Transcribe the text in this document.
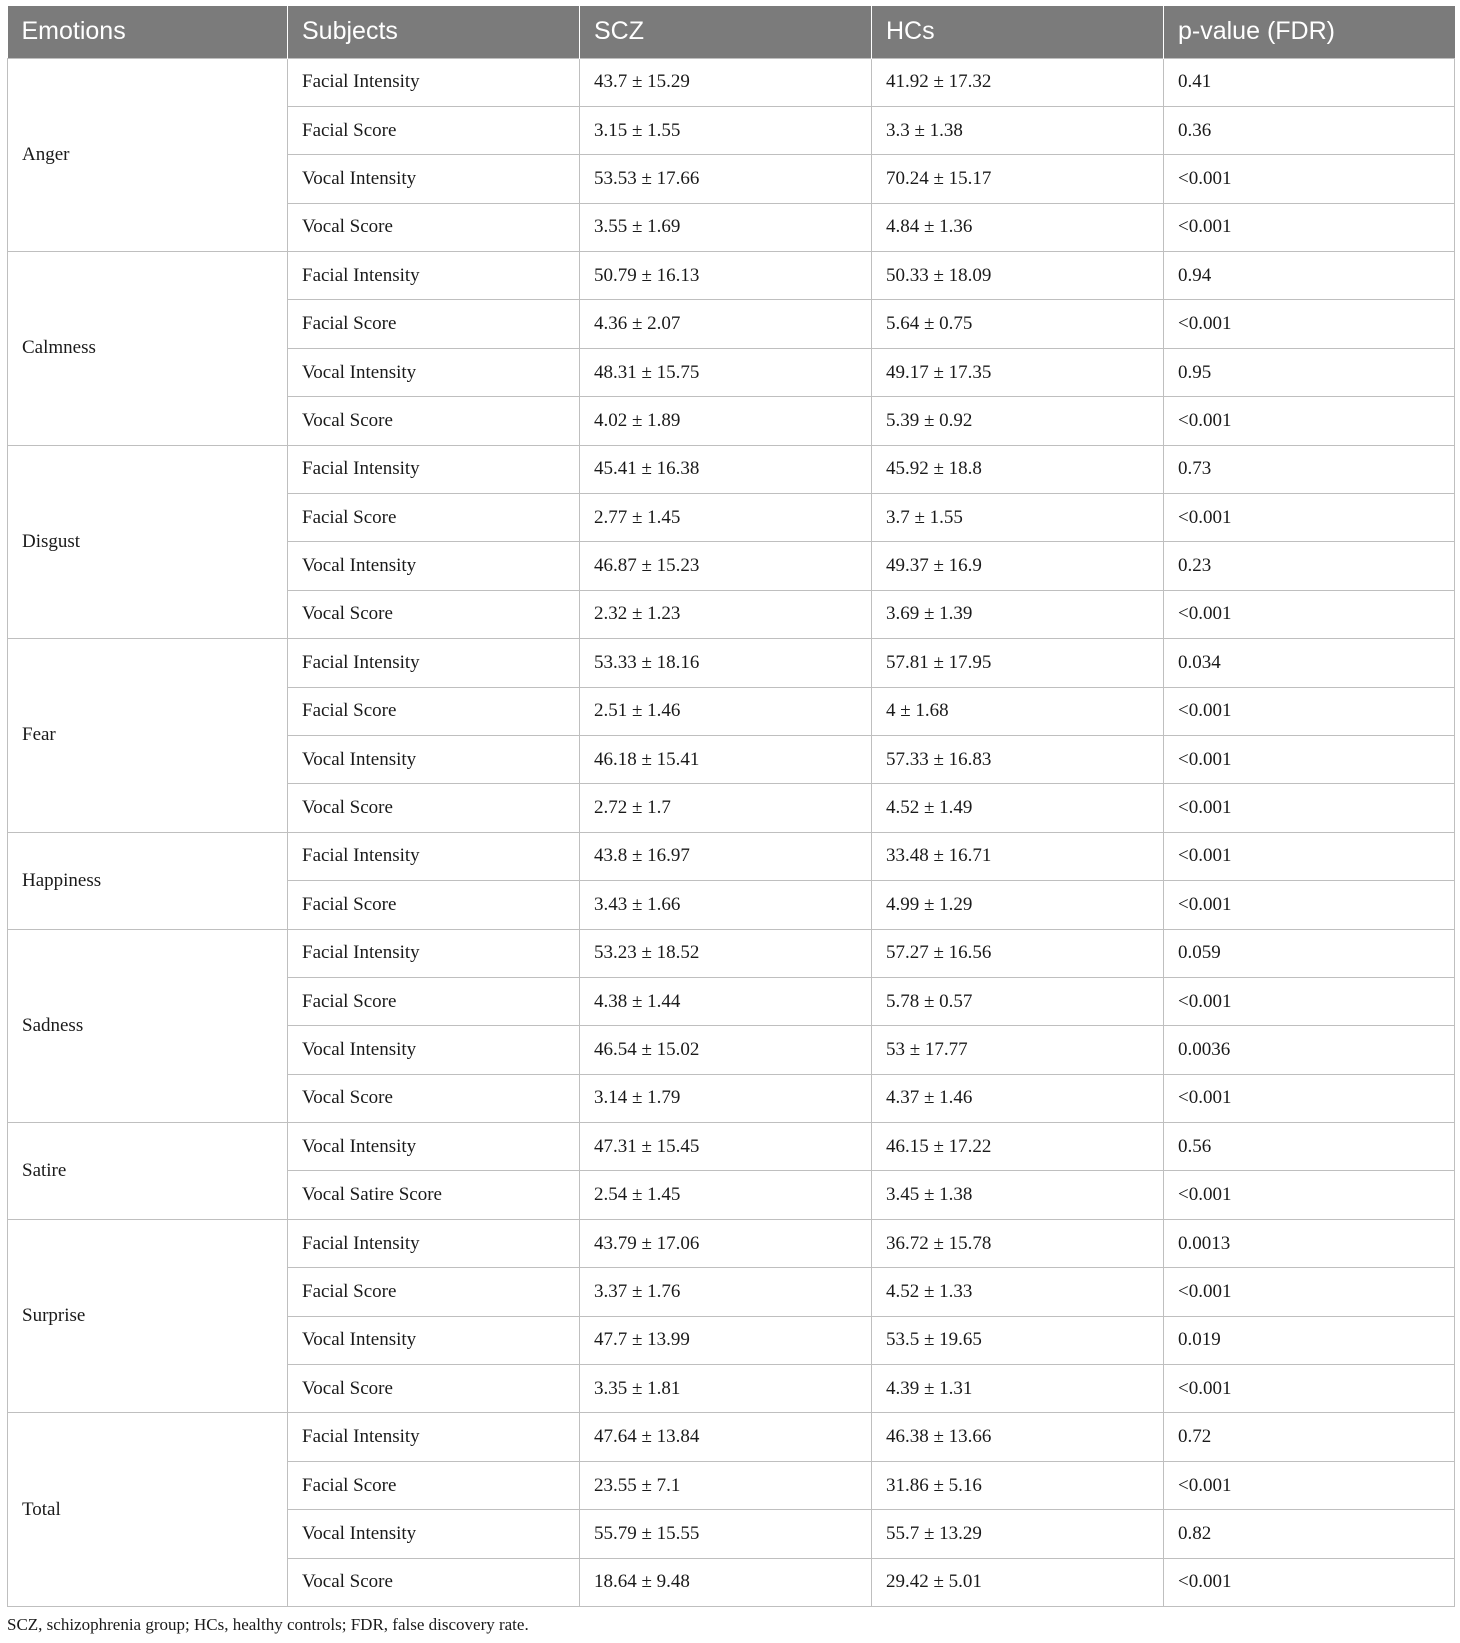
Emotions	Subjects	SCZ	HCs	p-value (FDR)
Anger	Facial Intensity	43.7 ± 15.29	41.92 ± 17.32	0.41
	Facial Score	3.15 ± 1.55	3.3 ± 1.38	0.36
	Vocal Intensity	53.53 ± 17.66	70.24 ± 15.17	<0.001
	Vocal Score	3.55 ± 1.69	4.84 ± 1.36	<0.001
Calmness	Facial Intensity	50.79 ± 16.13	50.33 ± 18.09	0.94
	Facial Score	4.36 ± 2.07	5.64 ± 0.75	<0.001
	Vocal Intensity	48.31 ± 15.75	49.17 ± 17.35	0.95
	Vocal Score	4.02 ± 1.89	5.39 ± 0.92	<0.001
Disgust	Facial Intensity	45.41 ± 16.38	45.92 ± 18.8	0.73
	Facial Score	2.77 ± 1.45	3.7 ± 1.55	<0.001
	Vocal Intensity	46.87 ± 15.23	49.37 ± 16.9	0.23
	Vocal Score	2.32 ± 1.23	3.69 ± 1.39	<0.001
Fear	Facial Intensity	53.33 ± 18.16	57.81 ± 17.95	0.034
	Facial Score	2.51 ± 1.46	4 ± 1.68	<0.001
	Vocal Intensity	46.18 ± 15.41	57.33 ± 16.83	<0.001
	Vocal Score	2.72 ± 1.7	4.52 ± 1.49	<0.001
Happiness	Facial Intensity	43.8 ± 16.97	33.48 ± 16.71	<0.001
	Facial Score	3.43 ± 1.66	4.99 ± 1.29	<0.001
Sadness	Facial Intensity	53.23 ± 18.52	57.27 ± 16.56	0.059
	Facial Score	4.38 ± 1.44	5.78 ± 0.57	<0.001
	Vocal Intensity	46.54 ± 15.02	53 ± 17.77	0.0036
	Vocal Score	3.14 ± 1.79	4.37 ± 1.46	<0.001
Satire	Vocal Intensity	47.31 ± 15.45	46.15 ± 17.22	0.56
	Vocal Satire Score	2.54 ± 1.45	3.45 ± 1.38	<0.001
Surprise	Facial Intensity	43.79 ± 17.06	36.72 ± 15.78	0.0013
	Facial Score	3.37 ± 1.76	4.52 ± 1.33	<0.001
	Vocal Intensity	47.7 ± 13.99	53.5 ± 19.65	0.019
	Vocal Score	3.35 ± 1.81	4.39 ± 1.31	<0.001
Total	Facial Intensity	47.64 ± 13.84	46.38 ± 13.66	0.72
	Facial Score	23.55 ± 7.1	31.86 ± 5.16	<0.001
	Vocal Intensity	55.79 ± 15.55	55.7 ± 13.29	0.82
	Vocal Score	18.64 ± 9.48	29.42 ± 5.01	<0.001
SCZ, schizophrenia group; HCs, healthy controls; FDR, false discovery rate.
